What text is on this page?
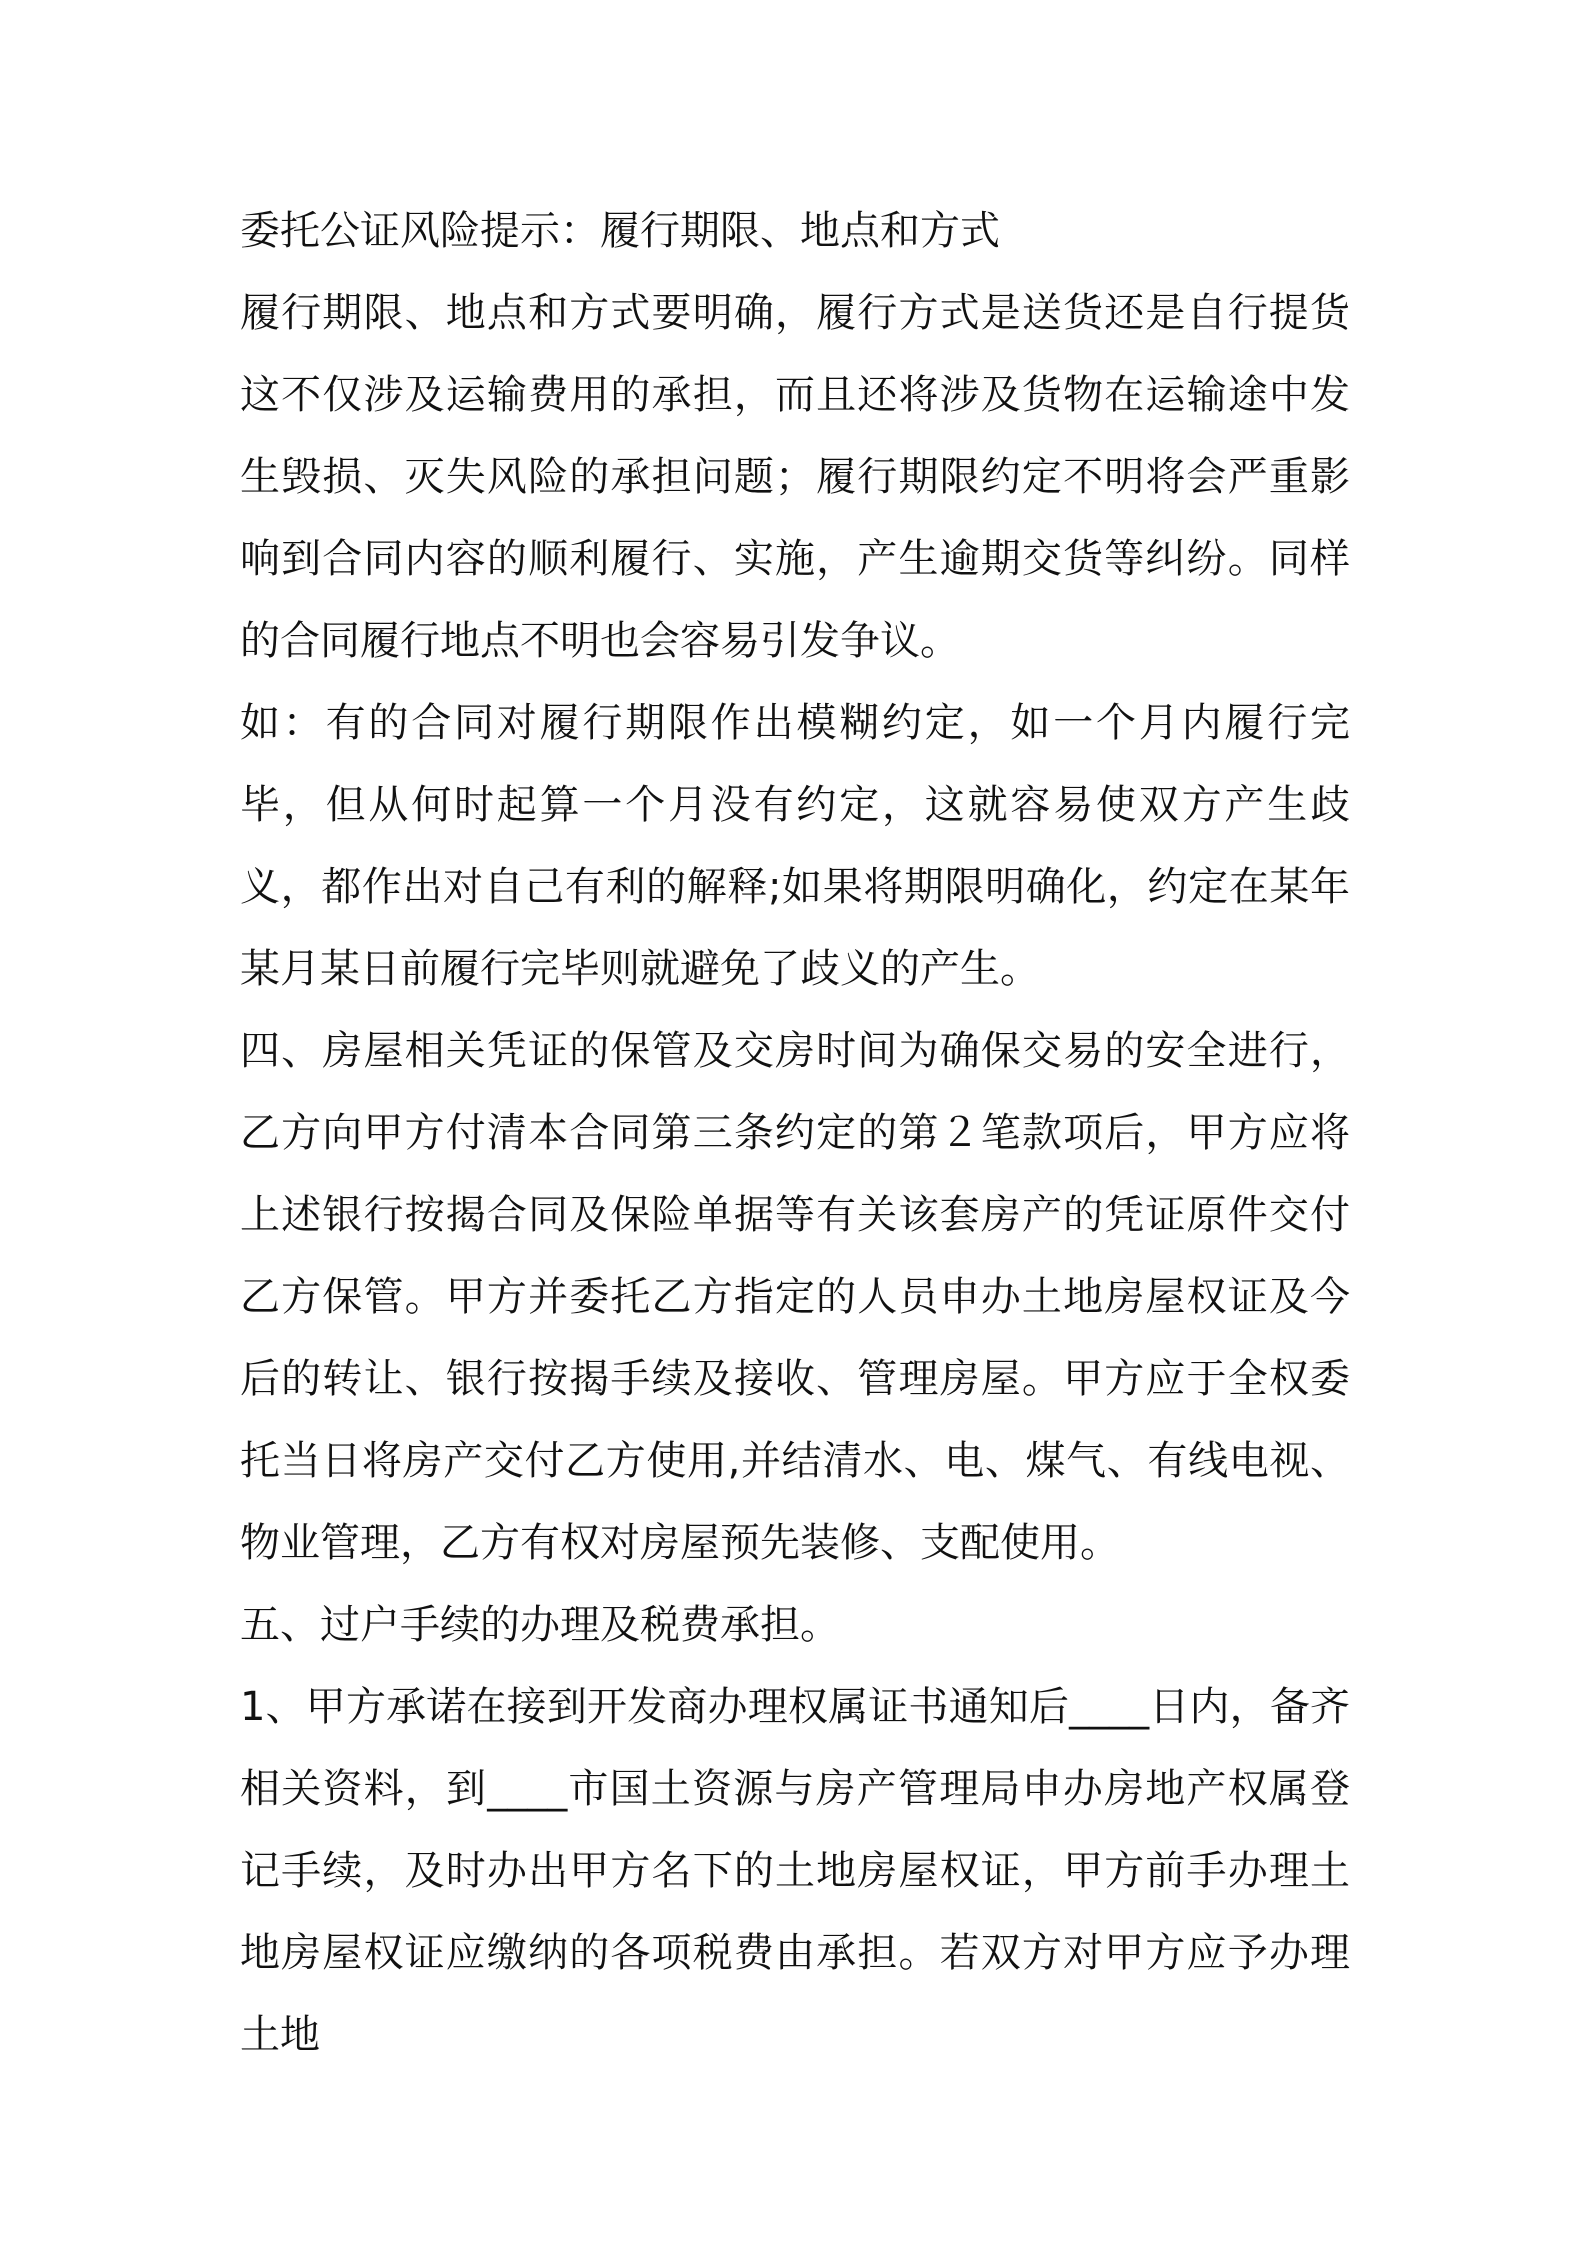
委托公证风险提示：履行期限、地点和方式

履行期限、地点和方式要明确，履行方式是送货还是自行提货这不仅涉及运输费用的承担，而且还将涉及货物在运输途中发生毁损、灭失风险的承担问题；履行期限约定不明将会严重影响到合同内容的顺利履行、实施，产生逾期交货等纠纷。同样的合同履行地点不明也会容易引发争议。

如：有的合同对履行期限作出模糊约定，如一个月内履行完毕，但从何时起算一个月没有约定，这就容易使双方产生歧义，都作出对自己有利的解释;如果将期限明确化，约定在某年某月某日前履行完毕则就避免了歧义的产生。

四、房屋相关凭证的保管及交房时间为确保交易的安全进行，乙方向甲方付清本合同第三条约定的第２笔款项后，甲方应将上述银行按揭合同及保险单据等有关该套房产的凭证原件交付乙方保管。甲方并委托乙方指定的人员申办土地房屋权证及今后的转让、银行按揭手续及接收、管理房屋。甲方应于全权委托当日将房产交付乙方使用,并结清水、电、煤气、有线电视、物业管理，乙方有权对房屋预先装修、支配使用。

五、过户手续的办理及税费承担。

1、甲方承诺在接到开发商办理权属证书通知后____日内，备齐相关资料，到____市国土资源与房产管理局申办房地产权属登记手续，及时办出甲方名下的土地房屋权证，甲方前手办理土地房屋权证应缴纳的各项税费由承担。若双方对甲方应予办理土地
